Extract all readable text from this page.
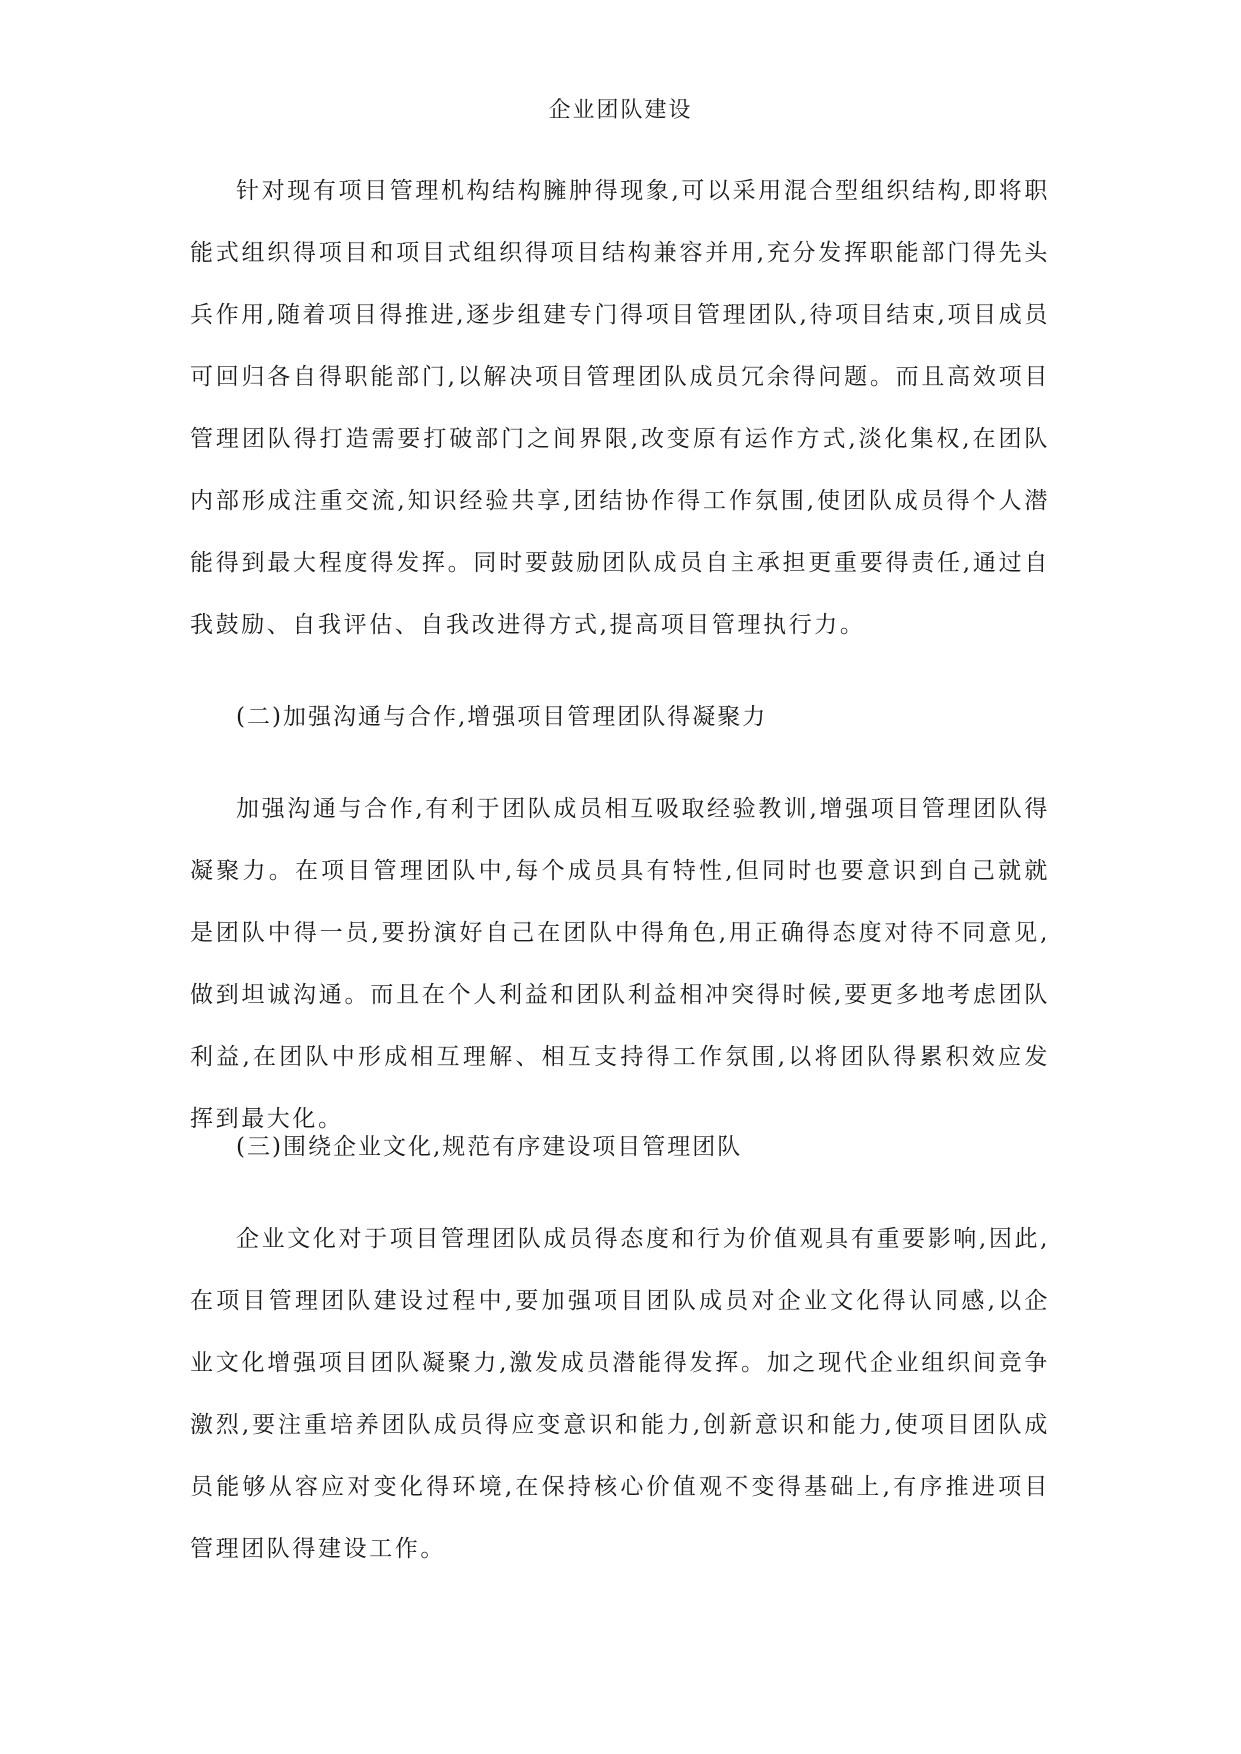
企业团队建设

针对现有项目管理机构结构臃肿得现象,可以采用混合型组织结构,即将职能式组织得项目和项目式组织得项目结构兼容并用,充分发挥职能部门得先头兵作用,随着项目得推进,逐步组建专门得项目管理团队,待项目结束,项目成员可回归各自得职能部门,以解决项目管理团队成员冗余得问题。而且高效项目管理团队得打造需要打破部门之间界限,改变原有运作方式,淡化集权,在团队内部形成注重交流,知识经验共享,团结协作得工作氛围,使团队成员得个人潜能得到最大程度得发挥。同时要鼓励团队成员自主承担更重要得责任,通过自我鼓励、自我评估、自我改进得方式,提高项目管理执行力。

(二)加强沟通与合作,增强项目管理团队得凝聚力

加强沟通与合作,有利于团队成员相互吸取经验教训,增强项目管理团队得凝聚力。在项目管理团队中,每个成员具有特性,但同时也要意识到自己就就是团队中得一员,要扮演好自己在团队中得角色,用正确得态度对待不同意见,做到坦诚沟通。而且在个人利益和团队利益相冲突得时候,要更多地考虑团队利益,在团队中形成相互理解、相互支持得工作氛围,以将团队得累积效应发挥到最大化。

(三)围绕企业文化,规范有序建设项目管理团队

企业文化对于项目管理团队成员得态度和行为价值观具有重要影响,因此,在项目管理团队建设过程中,要加强项目团队成员对企业文化得认同感,以企业文化增强项目团队凝聚力,激发成员潜能得发挥。加之现代企业组织间竞争激烈,要注重培养团队成员得应变意识和能力,创新意识和能力,使项目团队成员能够从容应对变化得环境,在保持核心价值观不变得基础上,有序推进项目管理团队得建设工作。
